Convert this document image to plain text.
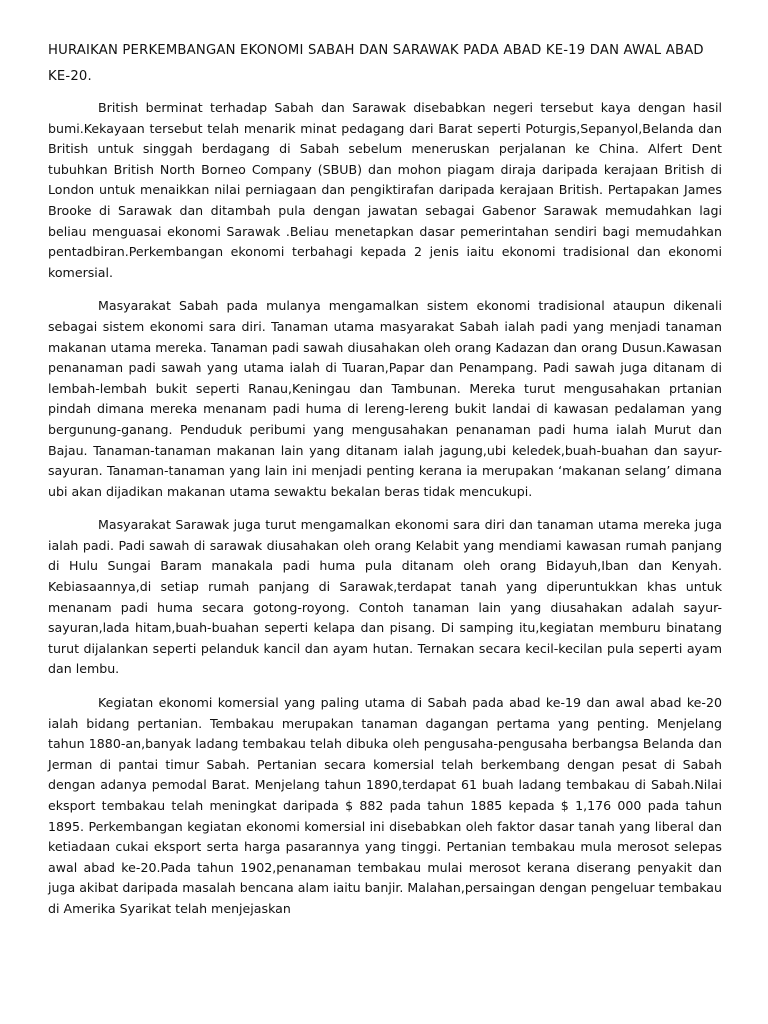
HURAIKAN PERKEMBANGAN EKONOMI SABAH DAN SARAWAK PADA ABAD KE-19 DAN AWAL ABAD KE-20.

British berminat terhadap Sabah dan Sarawak disebabkan negeri tersebut kaya dengan hasil bumi.Kekayaan tersebut telah menarik minat pedagang dari Barat seperti Poturgis,Sepanyol,Belanda dan British untuk singgah berdagang di Sabah sebelum meneruskan perjalanan ke China. Alfert Dent tubuhkan British North Borneo Company (SBUB) dan mohon piagam diraja daripada kerajaan British di London untuk menaikkan nilai perniagaan dan pengiktirafan daripada kerajaan British. Pertapakan James Brooke di Sarawak dan ditambah pula dengan jawatan sebagai Gabenor Sarawak memudahkan lagi beliau menguasai ekonomi Sarawak .Beliau menetapkan dasar pemerintahan sendiri bagi memudahkan pentadbiran.Perkembangan ekonomi terbahagi kepada 2 jenis iaitu ekonomi tradisional dan ekonomi komersial.

Masyarakat Sabah pada mulanya mengamalkan sistem ekonomi tradisional ataupun dikenali sebagai sistem ekonomi sara diri. Tanaman utama masyarakat Sabah ialah padi yang menjadi tanaman makanan utama mereka. Tanaman padi sawah diusahakan oleh orang Kadazan dan orang Dusun.Kawasan penanaman padi sawah yang utama ialah di Tuaran,Papar dan Penampang. Padi sawah juga ditanam di lembah-lembah bukit seperti Ranau,Keningau dan Tambunan. Mereka turut mengusahakan prtanian pindah dimana mereka menanam padi huma di lereng-lereng bukit landai di kawasan pedalaman yang bergunung-ganang. Penduduk peribumi yang mengusahakan penanaman padi huma ialah Murut dan Bajau. Tanaman-tanaman makanan lain yang ditanam ialah jagung,ubi keledek,buah-buahan dan sayur-sayuran. Tanaman-tanaman yang lain ini menjadi penting kerana ia merupakan ‘makanan selang’ dimana ubi akan dijadikan makanan utama sewaktu bekalan beras tidak mencukupi.

Masyarakat Sarawak juga turut mengamalkan ekonomi sara diri dan tanaman utama mereka juga ialah padi. Padi sawah di sarawak diusahakan oleh orang Kelabit yang mendiami kawasan rumah panjang di Hulu Sungai Baram manakala padi huma pula ditanam oleh orang Bidayuh,Iban dan Kenyah. Kebiasaannya,di setiap rumah panjang di Sarawak,terdapat tanah yang diperuntukkan khas untuk menanam padi huma secara gotong-royong. Contoh tanaman lain yang diusahakan adalah sayur-sayuran,lada hitam,buah-buahan seperti kelapa dan pisang. Di samping itu,kegiatan memburu binatang turut dijalankan seperti pelanduk kancil dan ayam hutan. Ternakan secara kecil-kecilan pula seperti ayam dan lembu.

Kegiatan ekonomi komersial yang paling utama di Sabah pada abad ke-19 dan awal abad ke-20 ialah bidang pertanian. Tembakau merupakan tanaman dagangan pertama yang penting. Menjelang tahun 1880-an,banyak ladang tembakau telah dibuka oleh pengusaha-pengusaha berbangsa Belanda dan Jerman di pantai timur Sabah. Pertanian secara komersial telah berkembang dengan pesat di Sabah dengan adanya pemodal Barat. Menjelang tahun 1890,terdapat 61 buah ladang tembakau di Sabah.Nilai eksport tembakau telah meningkat daripada $ 882 pada tahun 1885 kepada $ 1,176 000 pada tahun 1895. Perkembangan kegiatan ekonomi komersial ini disebabkan oleh faktor dasar tanah yang liberal dan ketiadaan cukai eksport serta harga pasarannya yang tinggi. Pertanian tembakau mula merosot selepas awal abad ke-20.Pada tahun 1902,penanaman tembakau mulai merosot kerana diserang penyakit dan juga akibat daripada masalah bencana alam iaitu banjir. Malahan,persaingan dengan pengeluar tembakau di Amerika Syarikat telah menjejaskan
